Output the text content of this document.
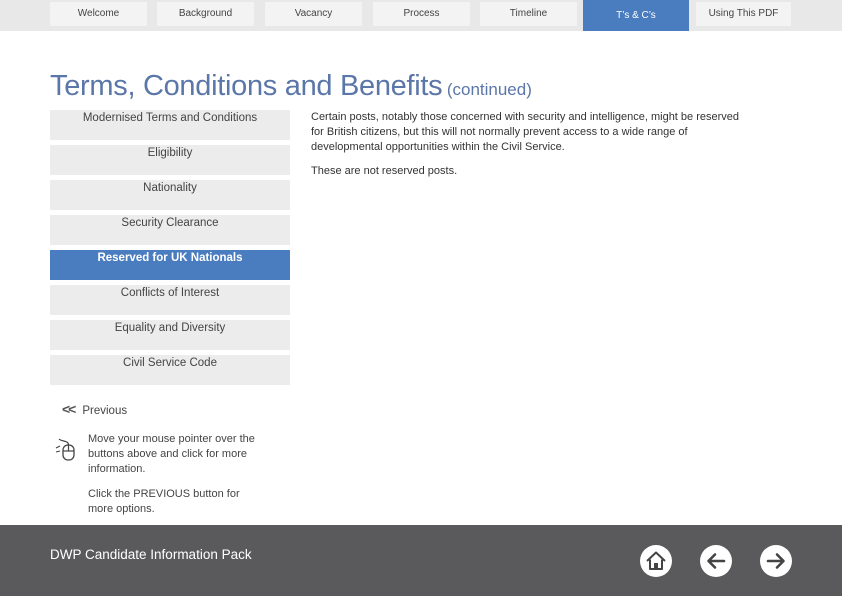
Welcome	Background	Vacancy	Process	Timeline	T’s & C’s	Using This PDF
Terms, Conditions and Benefits (continued)
Modernised Terms and Conditions
Eligibility
Nationality
Security Clearance
Reserved for UK Nationals
Conflicts of Interest
Equality and Diversity
Civil Service Code
<< Previous
Move your mouse pointer over the buttons above and click for more information.
Click the PREVIOUS button for more options.
Certain posts, notably those concerned with security and intelligence, might be reserved for British citizens, but this will not normally prevent access to a wide range of developmental opportunities within the Civil Service.
These are not reserved posts.
DWP Candidate Information Pack
